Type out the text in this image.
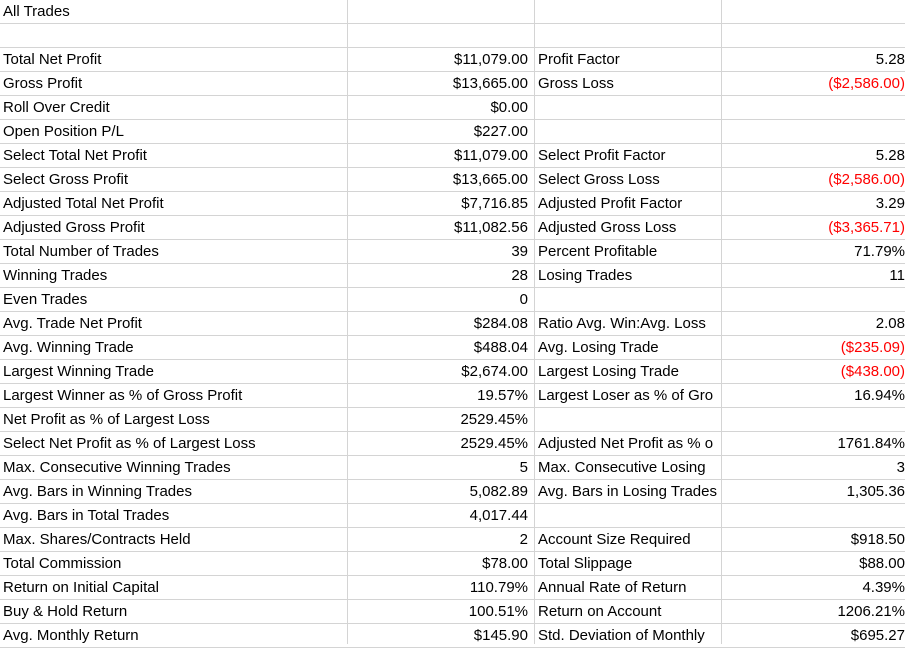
All Trades
Total Net Profit	$11,079.00 Profit Factor	5.28
Gross Profit	$13,665.00 Gross Loss	($2,586.00)
Roll Over Credit	$0.00
Open Position P/L	$227.00
Select Total Net Profit	$11,079.00 Select Profit Factor	5.28
Select Gross Profit	$13,665.00 Select Gross Loss	($2,586.00)
Adjusted Total Net Profit	$7,716.85 Adjusted Profit Factor	3.29
Adjusted Gross Profit	$11,082.56 Adjusted Gross Loss	($3,365.71)
Total Number of Trades	39 Percent Profitable	71.79%
Winning Trades	28 Losing Trades	11
Even Trades	0
Avg. Trade Net Profit	$284.08 Ratio Avg. Win:Avg. Loss	2.08
Avg. Winning Trade	$488.04 Avg. Losing Trade	($235.09)
Largest Winning Trade	$2,674.00 Largest Losing Trade	($438.00)
Largest Winner as % of Gross Profit	19.57% Largest Loser as % of Gro	16.94%
Net Profit as % of Largest Loss	2529.45%
Select Net Profit as % of Largest Loss	2529.45% Adjusted Net Profit as % o	1761.84%
Max. Consecutive Winning Trades	5 Max. Consecutive Losing	3
Avg. Bars in Winning Trades	5,082.89 Avg. Bars in Losing Trades	1,305.36
Avg. Bars in Total Trades	4,017.44
Max. Shares/Contracts Held	2 Account Size Required	$918.50
Total Commission	$78.00 Total Slippage	$88.00
Return on Initial Capital	110.79% Annual Rate of Return	4.39%
Buy & Hold Return	100.51% Return on Account	1206.21%
Avg. Monthly Return	$145.90 Std. Deviation of Monthly	$695.27
